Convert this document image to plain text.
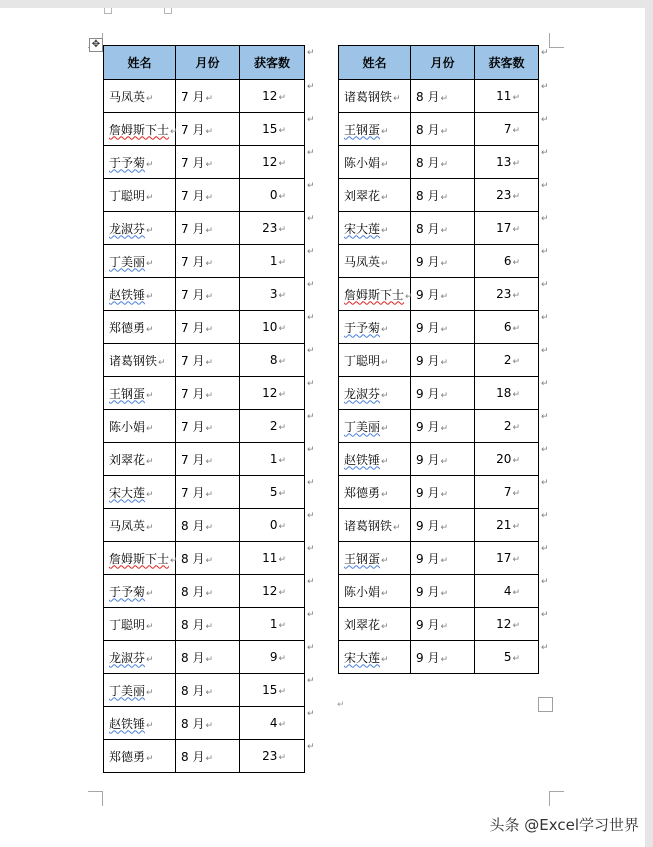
✥
姓名	月份	获客数
马凤英↵	7 月↵	12↵
詹姆斯下士↵	7 月↵	15↵
于予菊↵	7 月↵	12↵
丁聪明↵	7 月↵	0↵
龙淑芬↵	7 月↵	23↵
丁美丽↵	7 月↵	1↵
赵铁锤↵	7 月↵	3↵
郑德勇↵	7 月↵	10↵
诸葛钢铁↵	7 月↵	8↵
王钢蛋↵	7 月↵	12↵
陈小娟↵	7 月↵	2↵
刘翠花↵	7 月↵	1↵
宋大莲↵	7 月↵	5↵
马凤英↵	8 月↵	0↵
詹姆斯下士↵	8 月↵	11↵
于予菊↵	8 月↵	12↵
丁聪明↵	8 月↵	1↵
龙淑芬↵	8 月↵	9↵
丁美丽↵	8 月↵	15↵
赵铁锤↵	8 月↵	4↵
郑德勇↵	8 月↵	23↵
姓名	月份	获客数
诸葛钢铁↵	8 月↵	11↵
王钢蛋↵	8 月↵	7↵
陈小娟↵	8 月↵	13↵
刘翠花↵	8 月↵	23↵
宋大莲↵	8 月↵	17↵
马凤英↵	9 月↵	6↵
詹姆斯下士↵	9 月↵	23↵
于予菊↵	9 月↵	6↵
丁聪明↵	9 月↵	2↵
龙淑芬↵	9 月↵	18↵
丁美丽↵	9 月↵	2↵
赵铁锤↵	9 月↵	20↵
郑德勇↵	9 月↵	7↵
诸葛钢铁↵	9 月↵	21↵
王钢蛋↵	9 月↵	17↵
陈小娟↵	9 月↵	4↵
刘翠花↵	9 月↵	12↵
宋大莲↵	9 月↵	5↵
↵
↵
↵
↵
↵
↵
↵
↵
↵
↵
↵
↵
↵
↵
↵
↵
↵
↵
↵
↵
↵
↵
↵
↵
↵
↵
↵
↵
↵
↵
↵
↵
↵
↵
↵
↵
↵
↵
↵
↵
↵
↵
头条 @Excel学习世界
